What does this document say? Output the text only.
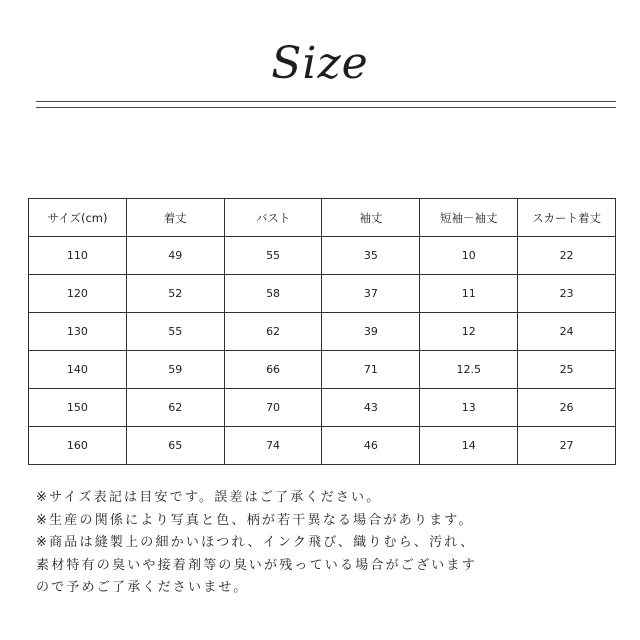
Size
サイズ(cm)	着丈	バスト	袖丈	短袖－袖丈	スカート着丈
110	49	55	35	10	22
120	52	58	37	11	23
130	55	62	39	12	24
140	59	66	71	12.5	25
150	62	70	43	13	26
160	65	74	46	14	27
※サイズ表記は目安です。誤差はご了承ください。
※生産の関係により写真と色、柄が若干異なる場合があります。
※商品は縫製上の細かいほつれ、インク飛び、織りむら、汚れ、
素材特有の臭いや接着剤等の臭いが残っている場合がございます
ので予めご了承くださいませ。
